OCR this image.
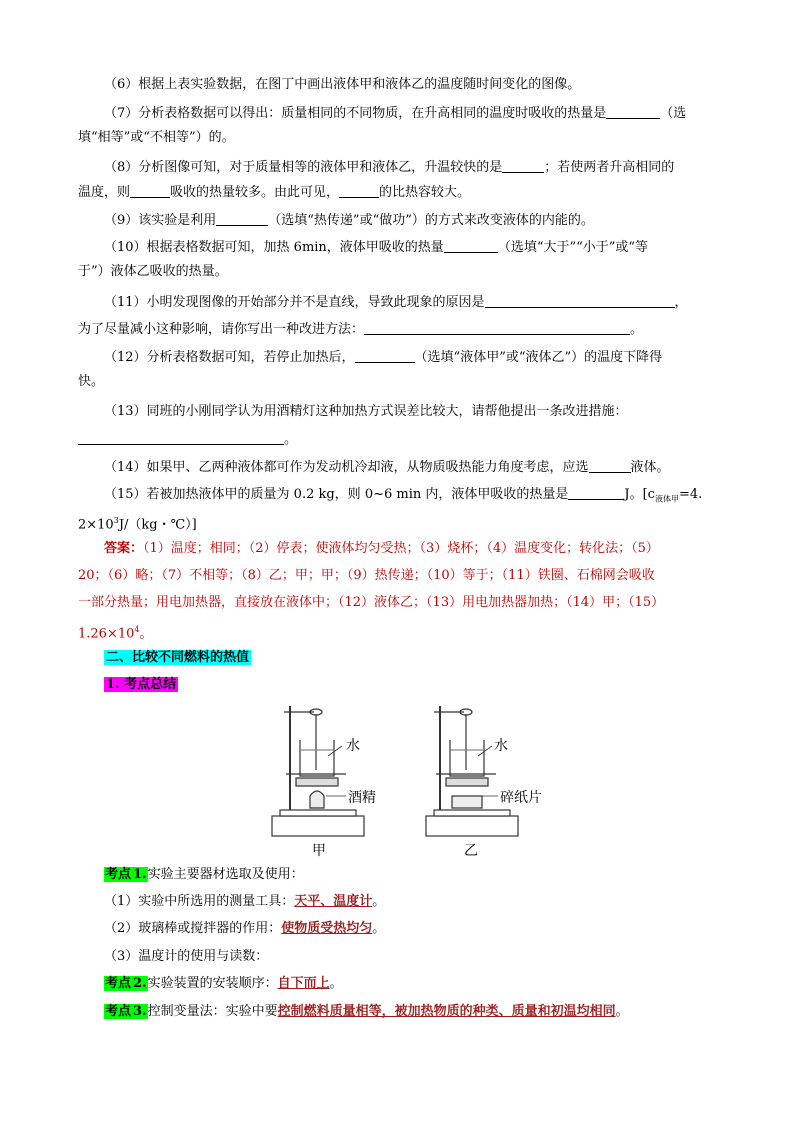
（6）根据上表实验数据，在图丁中画出液体甲和液体乙的温度随时间变化的图像。
（7）分析表格数据可以得出：质量相同的不同物质，在升高相同的温度时吸收的热量是	（选
填“相等”或“不相等”）的。
（8）分析图像可知，对于质量相等的液体甲和液体乙，升温较快的是	；若使两者升高相同的
温度，则	吸收的热量较多。由此可见，	的比热容较大。
（9）该实验是利用	（选填“热传递”或“做功”）的方式来改变液体的内能的。
（10）根据表格数据可知，加热 6min，液体甲吸收的热量	（选填“大于”“小于”或“等
于”）液体乙吸收的热量。
（11）小明发现图像的开始部分并不是直线，导致此现象的原因是	，
为了尽量减小这种影响，请你写出一种改进方法：	。
（12）分析表格数据可知，若停止加热后，	（选填“液体甲”或“液体乙”）的温度下降得
快。
（13）同班的小刚同学认为用酒精灯这种加热方式误差比较大，请帮他提出一条改进措施：
。
（14）如果甲、乙两种液体都可作为发动机冷却液，从物质吸热能力角度考虑，应选	液体。
（15）若被加热液体甲的质量为 0.2 kg，则 0~6 min 内，液体甲吸收的热量是	J。[$c_{液体甲}=4$.
$2\times 10^3J/(kg$・℃）]
答案：（1）温度；相同；（2）停表；使液体均匀受热；（3）烧杯；（4）温度变化；转化法；（5）
20；（6）略；（7）不相等；（8）乙；甲；甲；（9）热传递；（10）等于；（11）铁圈、石棉网会吸收
一部分热量；用电加热器，直接放在液体中；（12）液体乙；（13）用电加热器加热；（14）甲；（15）
$1.26\times 10^4$。
二、比较不同燃料的热值
1. 考点总结
水
酒精
甲
水
碎纸片
乙
考点 1.实验主要器材选取及使用：
（1）实验中所选用的测量工具：天平、温度计。
（2）玻璃棒或搅拌器的作用：使物质受热均匀。
（3）温度计的使用与读数：
考点 2.实验装置的安装顺序：自下而上。
考点 3.控制变量法：实验中要控制燃料质量相等，被加热物质的种类、质量和初温均相同。
